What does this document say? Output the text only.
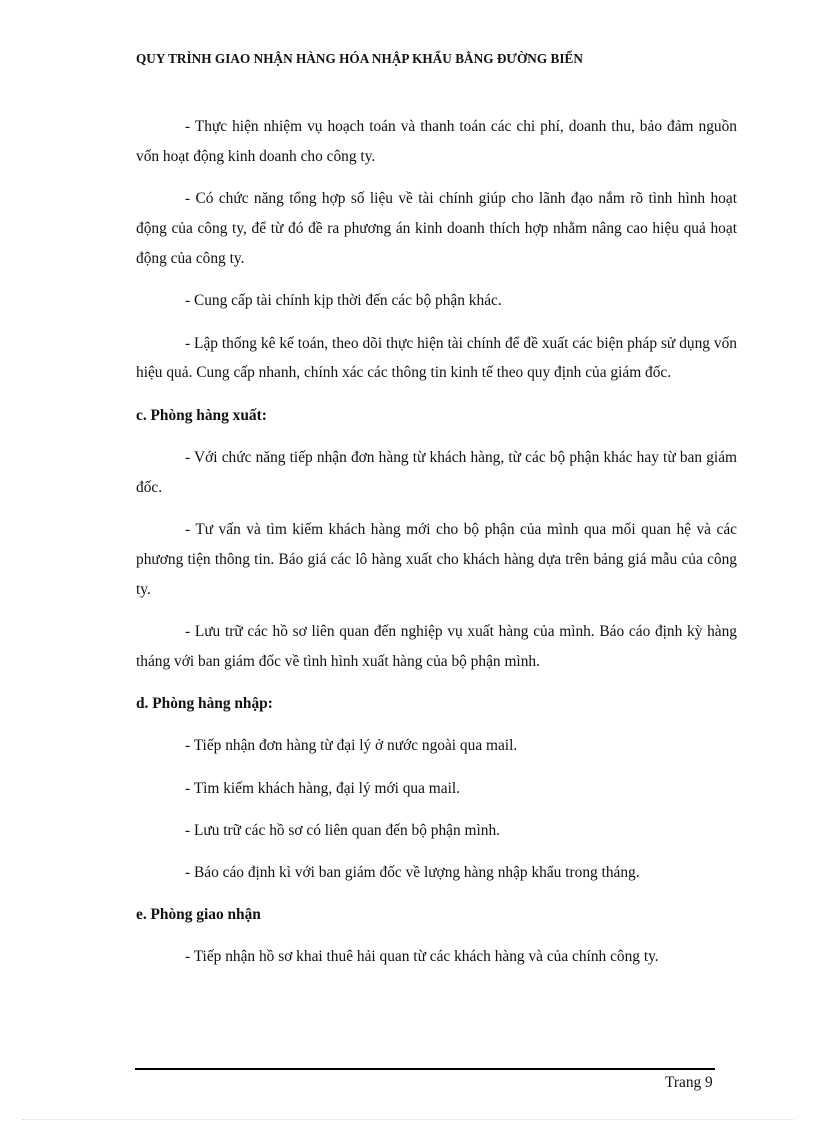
QUY TRÌNH GIAO NHẬN HÀNG HÓA NHẬP KHẨU BẰNG ĐƯỜNG BIỂN

- Thực hiện nhiệm vụ hoạch toán và thanh toán các chi phí, doanh thu, bảo đảm nguồn vốn hoạt động kinh doanh cho công ty.

- Có chức năng tổng hợp số liệu về tài chính giúp cho lãnh đạo nắm rõ tình hình hoạt động của công ty, để từ đó đề ra phương án kinh doanh thích hợp nhằm nâng cao hiệu quả hoạt động của công ty.

- Cung cấp tài chính kịp thời đến các bộ phận khác.

- Lập thống kê kế toán, theo dõi thực hiện tài chính để đề xuất các biện pháp sử dụng vốn hiệu quả. Cung cấp nhanh, chính xác các thông tin kinh tế theo quy định của giám đốc.

c. Phòng hàng xuất:

- Với chức năng tiếp nhận đơn hàng từ khách hàng, từ các bộ phận khác hay từ ban giám đốc.

- Tư vấn và tìm kiếm khách hàng mới cho bộ phận của mình qua mối quan hệ và các phương tiện thông tin. Báo giá các lô hàng xuất cho khách hàng dựa trên bảng giá mẫu của công ty.

- Lưu trữ các hồ sơ liên quan đến nghiệp vụ xuất hàng của mình. Báo cáo định kỳ hàng tháng với ban giám đốc về tình hình xuất hàng của bộ phận mình.

d. Phòng hàng nhập:

- Tiếp nhận đơn hàng từ đại lý ở nước ngoài qua mail.

- Tìm kiếm khách hàng, đại lý mới qua mail.

- Lưu trữ các hồ sơ có liên quan đến bộ phận mình.

- Báo cáo định kì với ban giám đốc về lượng hàng nhập khẩu trong tháng.

e. Phòng giao nhận

- Tiếp nhận hồ sơ khai thuê hải quan từ các khách hàng và của chính công ty.

Trang 9
